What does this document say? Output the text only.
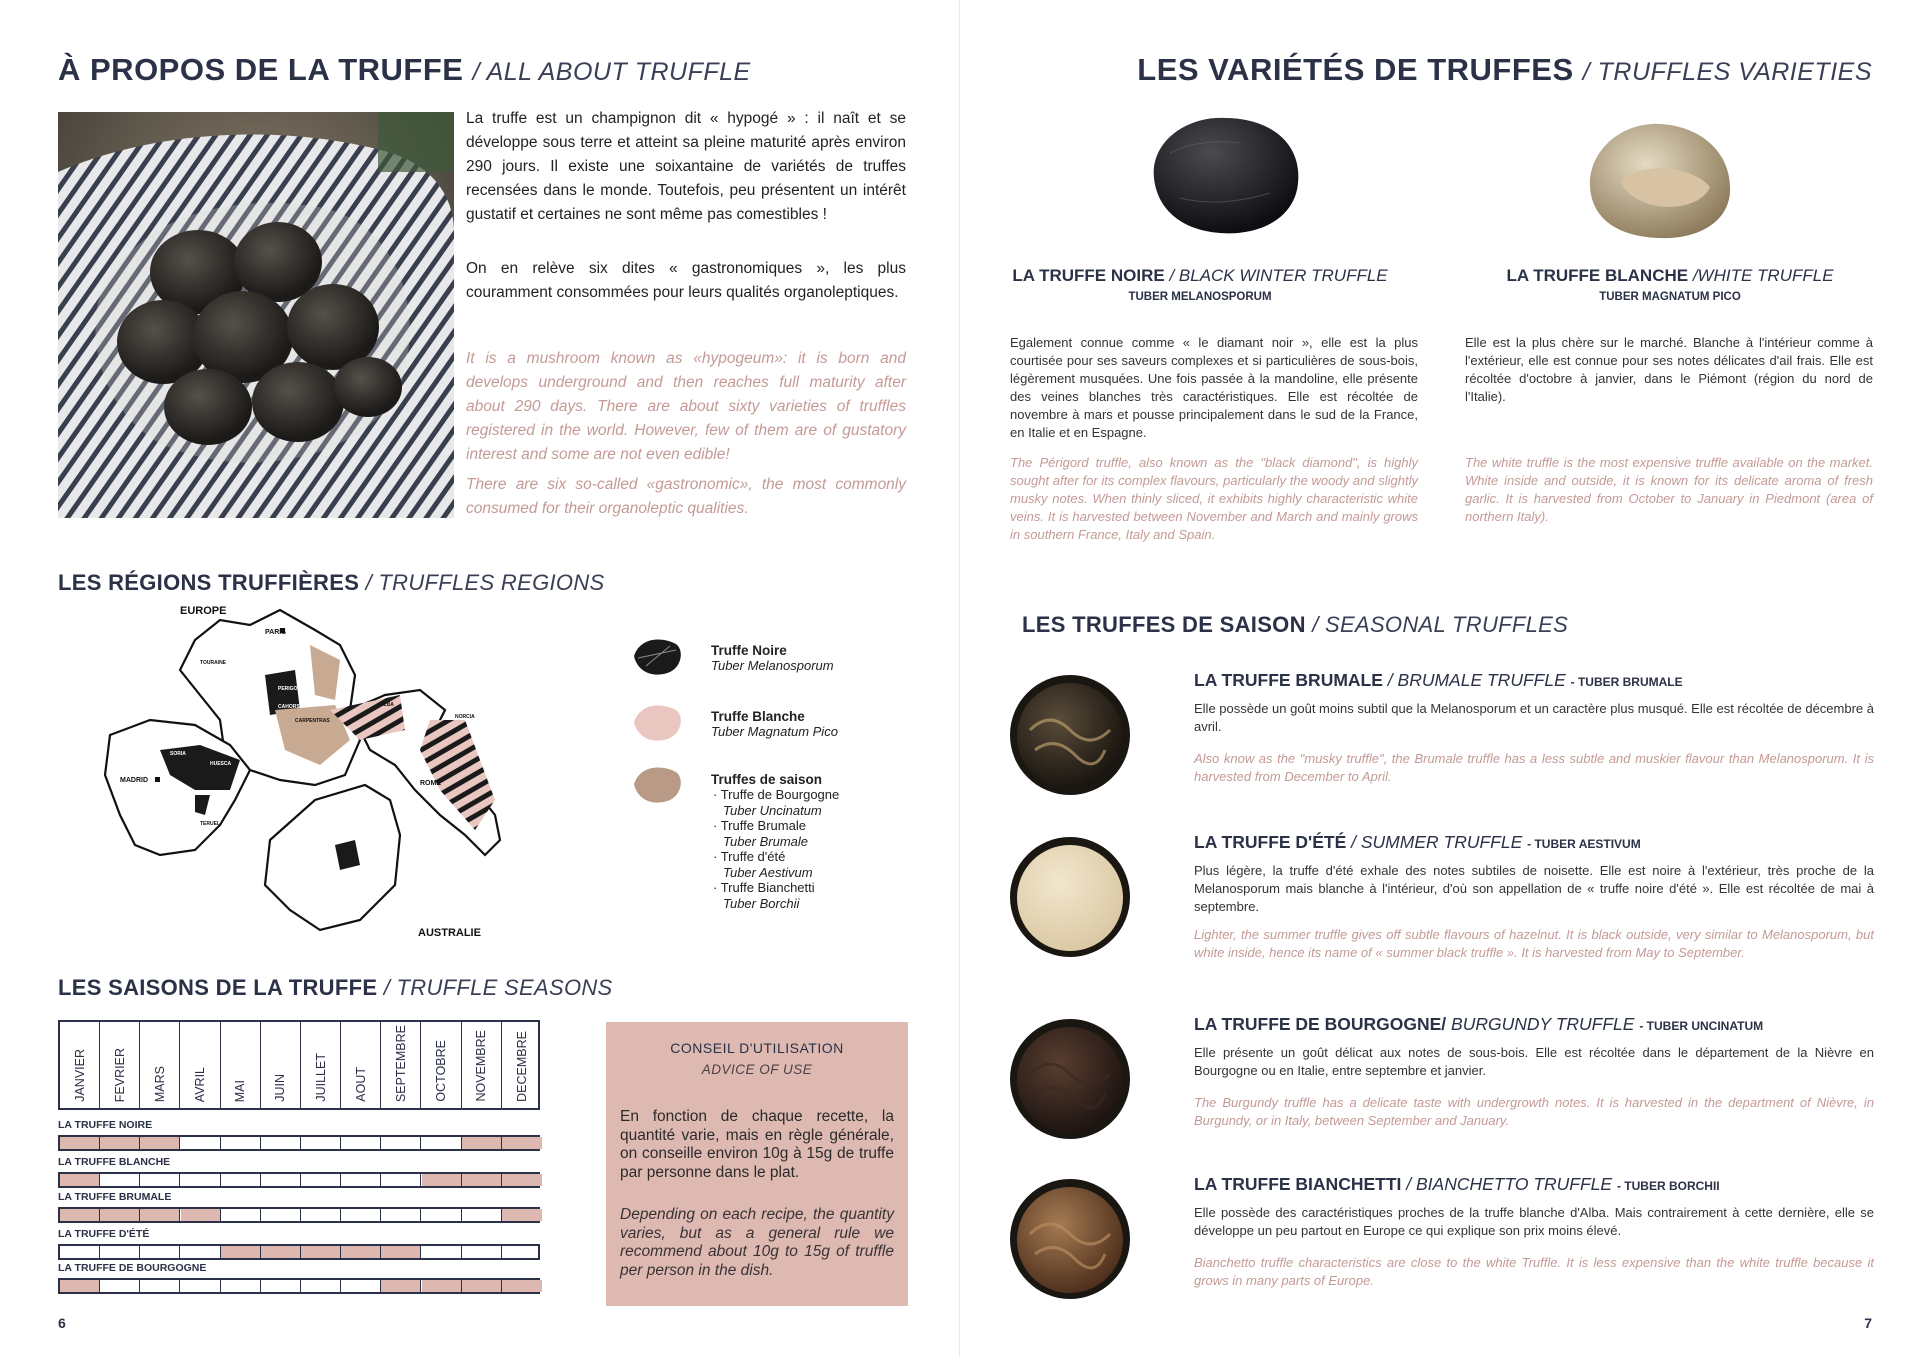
À PROPOS DE LA TRUFFE / ALL ABOUT TRUFFLE
La truffe est un champignon dit « hypogé » : il naît et se développe sous terre et atteint sa pleine maturité après environ 290 jours. Il existe une soixantaine de variétés de truffes recensées dans le monde. Toutefois, peu présentent un intérêt gustatif et certaines ne sont même pas comestibles !
On en relève six dites « gastronomiques », les plus couramment consommées pour leurs qualités organoleptiques.
It is a mushroom known as «hypogeum»: it is born and develops underground and then reaches full maturity after about 290 days. There are about sixty varieties of truffles registered in the world. However, few of them are of gustatory interest and some are not even edible!
There are six so-called «gastronomic», the most commonly consumed for their organoleptic qualities.
LES RÉGIONS TRUFFIÈRES / TRUFFLES REGIONS
EUROPE
PARIS
TOURAINE
CAHORS
PERIGORD
CARPENTRAS
ALBA
NORCIA
SORIA
HUESCA
MADRID
TERUEL
ROME
AUSTRALIE
Truffe Noire
Tuber Melanosporum
Truffe Blanche
Tuber Magnatum Pico
Truffes de saison
· Truffe de Bourgogne
Tuber Uncinatum
· Truffe Brumale
Tuber Brumale
· Truffe d'été
Tuber Aestivum
· Truffe Bianchetti
Tuber Borchii
LES SAISONS DE LA TRUFFE / TRUFFLE SEASONS
JANVIER FEVRIER MARS AVRIL MAI JUIN JUILLET AOUT SEPTEMBRE OCTOBRE NOVEMBRE DECEMBRE
LA TRUFFE NOIRE
LA TRUFFE BLANCHE
LA TRUFFE BRUMALE
LA TRUFFE D'ÉTÉ
LA TRUFFE DE BOURGOGNE
CONSEIL D'UTILISATION
ADVICE OF USE
En fonction de chaque recette, la quantité varie, mais en règle générale, on conseille environ 10g à 15g de truffe par personne dans le plat.
Depending on each recipe, the quantity varies, but as a general rule we recommend about 10g to 15g of truffle per person in the dish.
6
LES VARIÉTÉS DE TRUFFES / TRUFFLES VARIETIES
LA TRUFFE NOIRE / BLACK WINTER TRUFFLE
TUBER MELANOSPORUM
LA TRUFFE BLANCHE /WHITE TRUFFLE
TUBER MAGNATUM PICO
Egalement connue comme « le diamant noir », elle est la plus courtisée pour ses saveurs complexes et si particulières de sous-bois, légèrement musquées. Une fois passée à la mandoline, elle présente des veines blanches très caractéristiques. Elle est récoltée de novembre à mars et pousse principalement dans le sud de la France, en Italie et en Espagne.
The Périgord truffle, also known as the "black diamond", is highly sought after for its complex flavours, particularly the woody and slightly musky notes. When thinly sliced, it exhibits highly characteristic white veins. It is harvested between November and March and mainly grows in southern France, Italy and Spain.
Elle est la plus chère sur le marché. Blanche à l'intérieur comme à l'extérieur, elle est connue pour ses notes délicates d'ail frais. Elle est récoltée d'octobre à janvier, dans le Piémont (région du nord de l'Italie).
The white truffle is the most expensive truffle available on the market. White inside and outside, it is known for its delicate aroma of fresh garlic. It is harvested from October to January in Piedmont (area of northern Italy).
LES TRUFFES DE SAISON / SEASONAL TRUFFLES
LA TRUFFE BRUMALE / BRUMALE TRUFFLE - TUBER BRUMALE
Elle possède un goût moins subtil que la Melanosporum et un caractère plus musqué. Elle est récoltée de décembre à avril.
Also know as the "musky truffle", the Brumale truffle has a less subtle and muskier flavour than Melanosporum. It is harvested from December to April.
LA TRUFFE D'ÉTÉ / SUMMER TRUFFLE - TUBER AESTIVUM
Plus légère, la truffe d'été exhale des notes subtiles de noisette. Elle est noire à l'extérieur, très proche de la Melanosporum mais blanche à l'intérieur, d'où son appellation de « truffe noire d'été ». Elle est récoltée de mai à septembre.
Lighter, the summer truffle gives off subtle flavours of hazelnut. It is black outside, very similar to Melanosporum, but white inside, hence its name of « summer black truffle ». It is harvested from May to September.
LA TRUFFE DE BOURGOGNE/ BURGUNDY TRUFFLE - TUBER UNCINATUM
Elle présente un goût délicat aux notes de sous-bois. Elle est récoltée dans le département de la Nièvre en Bourgogne ou en Italie, entre septembre et janvier.
The Burgundy truffle has a delicate taste with undergrowth notes. It is harvested in the department of Nièvre, in Burgundy, or in Italy, between September and January.
LA TRUFFE BIANCHETTI / BIANCHETTO TRUFFLE - TUBER BORCHII
Elle possède des caractéristiques proches de la truffe blanche d'Alba. Mais contrairement à cette dernière, elle se développe un peu partout en Europe ce qui explique son prix moins élevé.
Bianchetto truffle characteristics are close to the white Truffle. It is less expensive than the white truffle because it grows in many parts of Europe.
7
